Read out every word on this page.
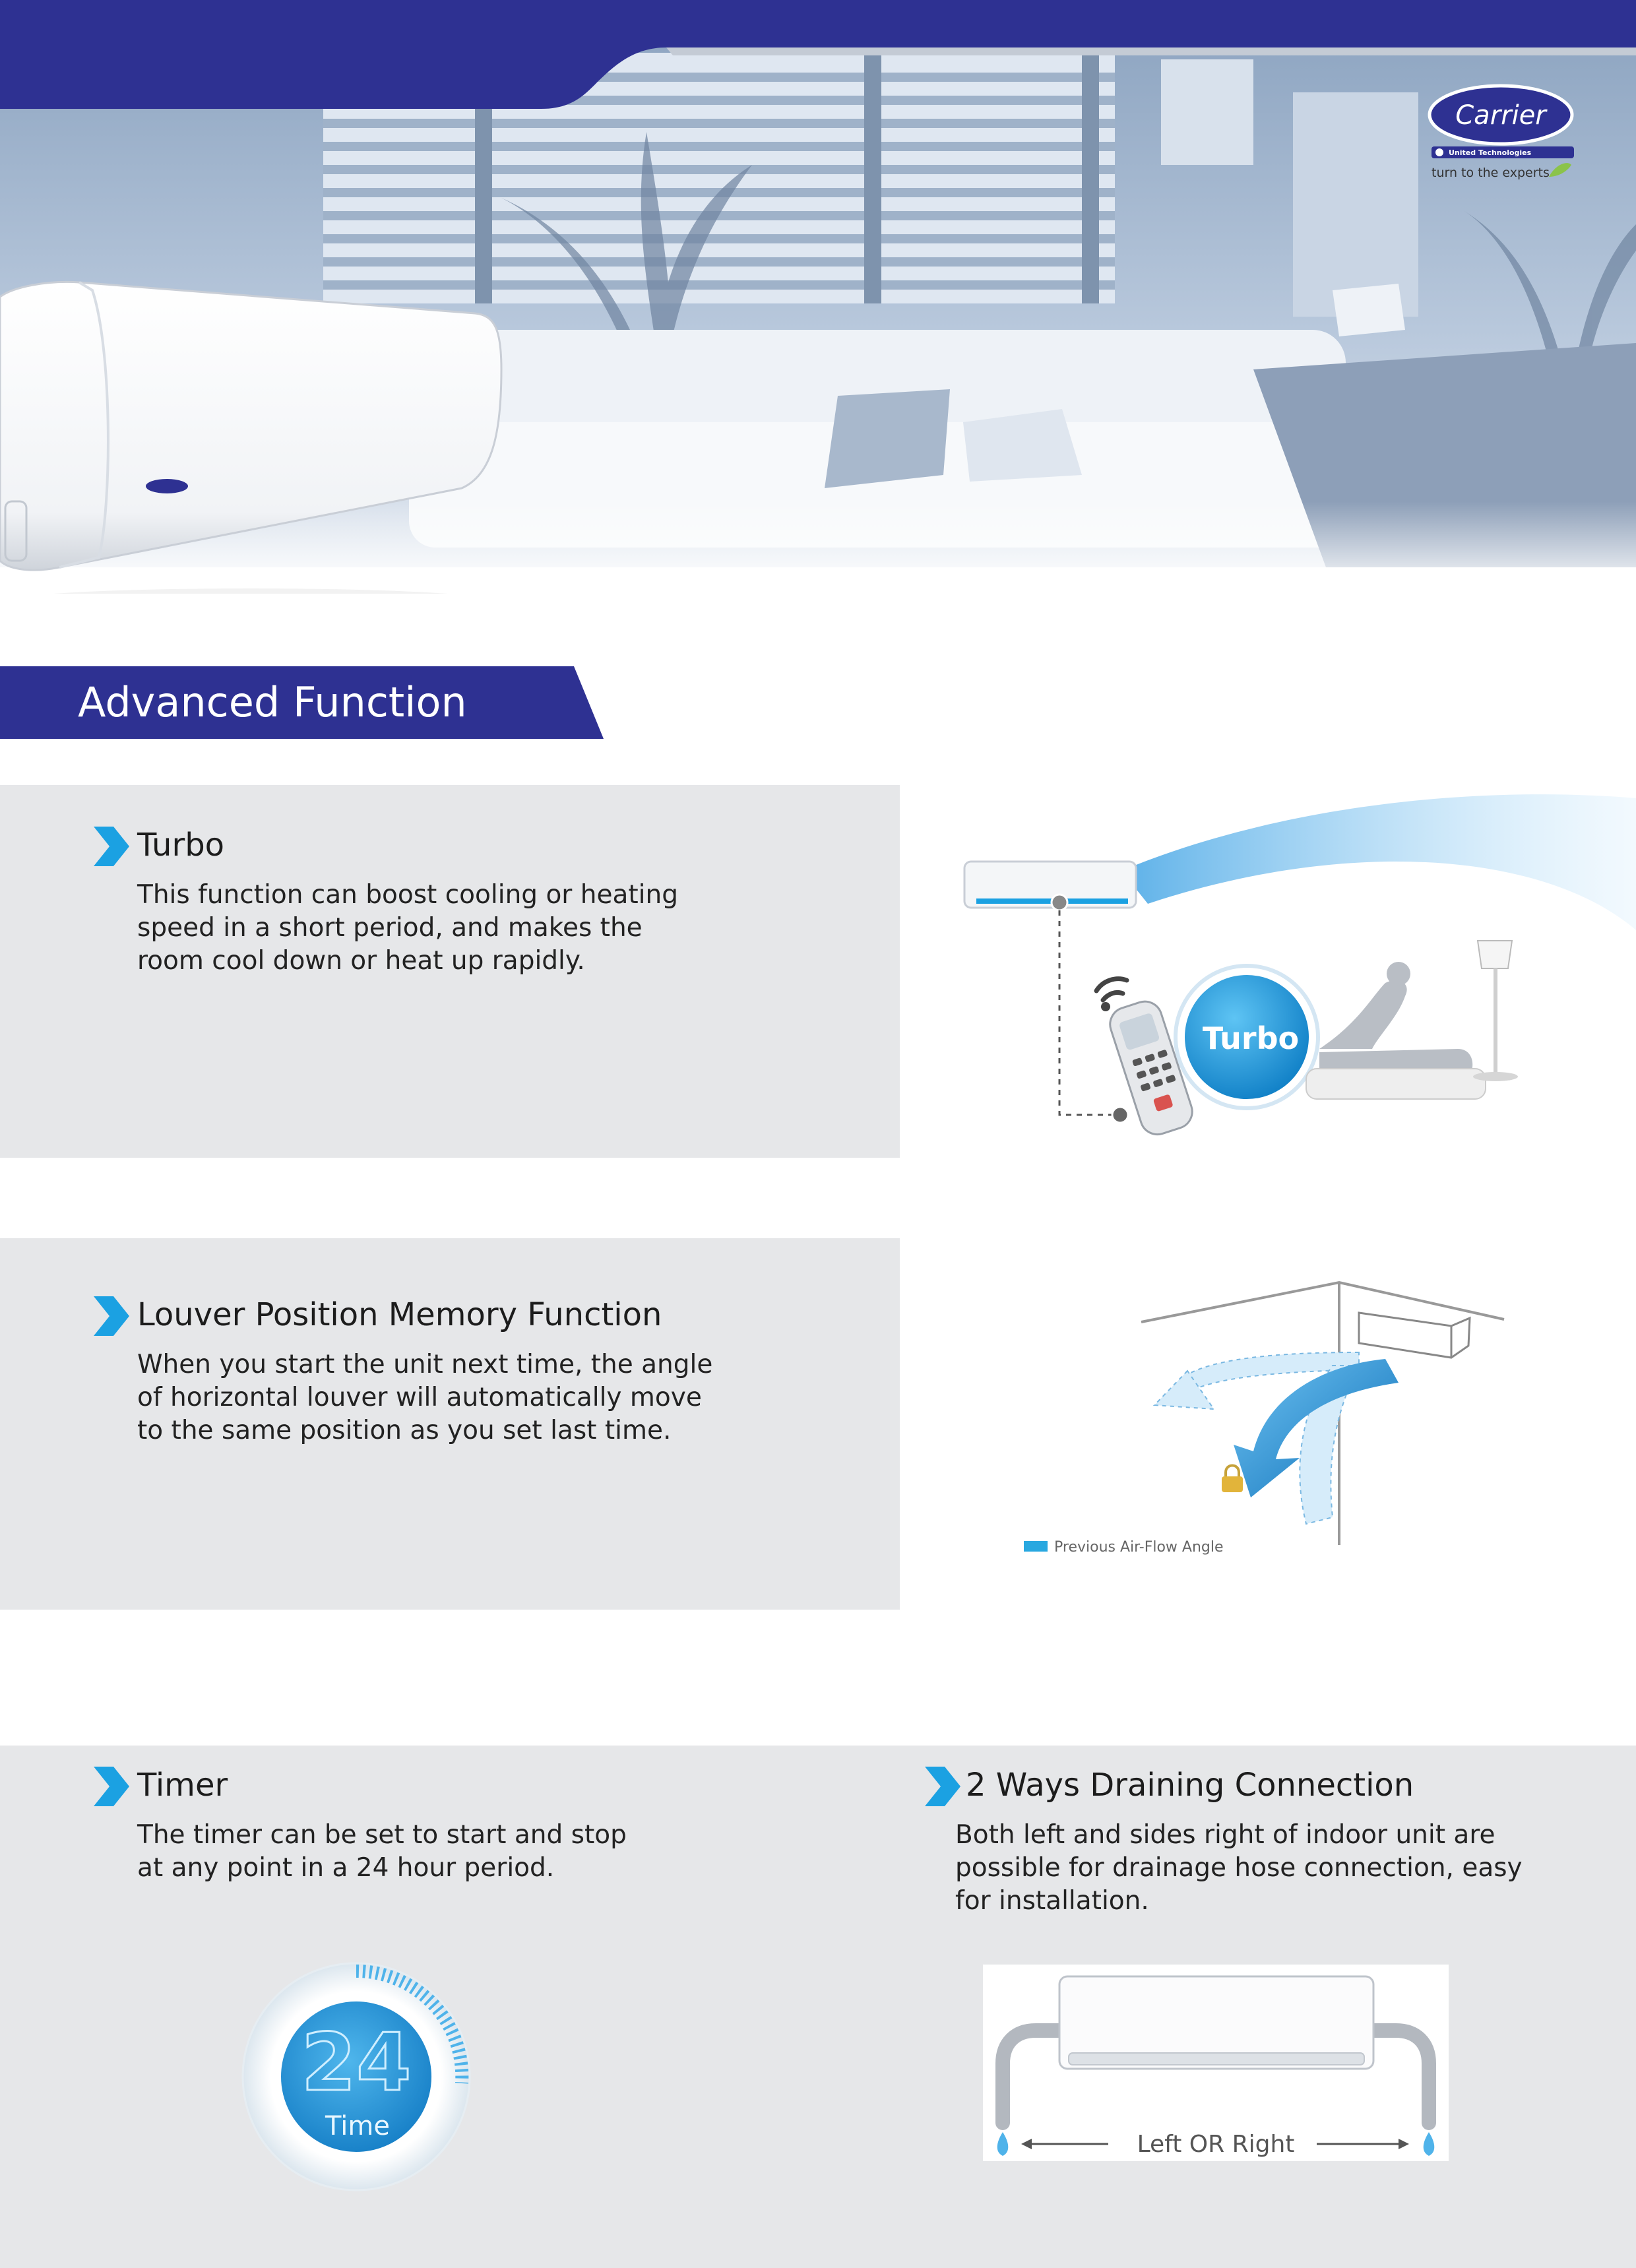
Carrier
United Technologies
turn to the experts
Advanced Function
Turbo
This function can boost cooling or heating
speed in a short period, and makes the
room cool down or heat up rapidly.
Turbo
Louver Position Memory Function
When you start the unit next time, the angle
of horizontal louver will automatically move
to the same position as you set last time.
Previous Air-Flow Angle
Timer
The timer can be set to start and stop
at any point in a 24 hour period.
24
Time
2 Ways Draining Connection
Both left and sides right of indoor unit are
possible for drainage hose connection, easy
for installation.
Left OR Right
